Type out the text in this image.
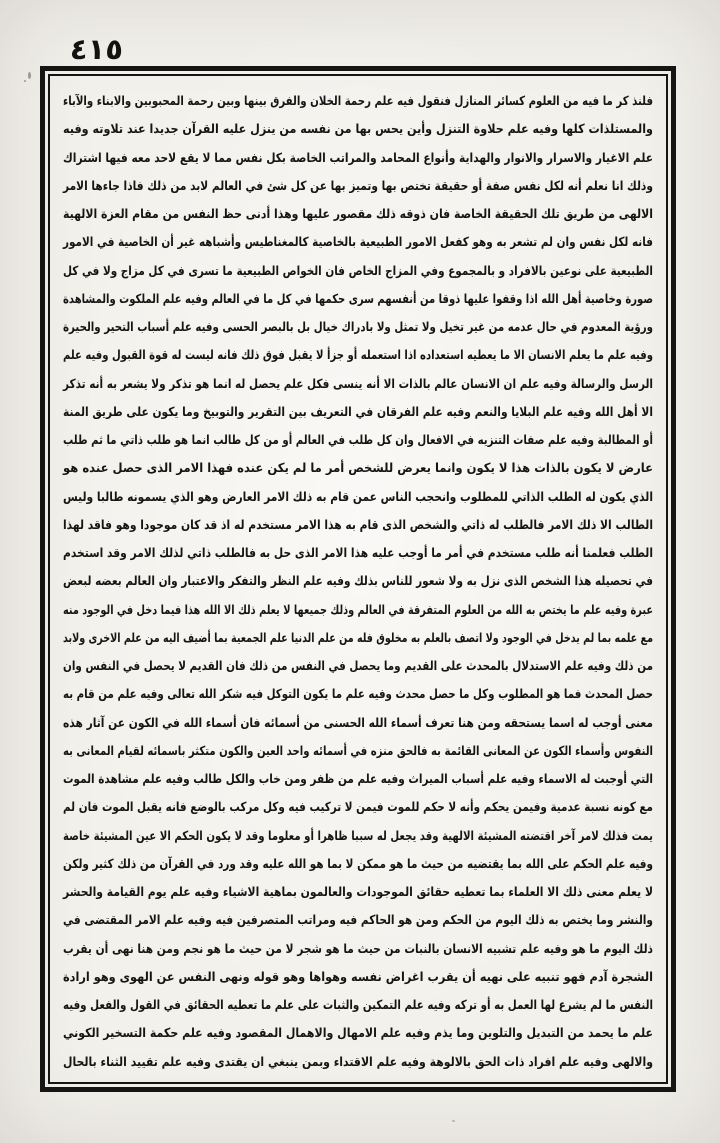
٤١٥
فلنذ كر ما فيه من العلوم كسائر المنازل فنقول فيه علم رحمة الخلان والفرق بينها وبين رحمة المحبوبين والابناء والآباء
والمستلذات كلها وفيه علم حلاوة التنزل وأين يحس بها من نفسه من ينزل عليه القرآن جديدا عند تلاوته وفيه
علم الاغيار والاسرار والانوار والهداية وأنواع المحامد والمراتب الخاصة بكل نفس مما لا يقع لاحد معه فيها اشتراك
وذلك انا نعلم أنه لكل نفس صفة أو حقيقة تختص بها وتميز بها عن كل شئ في العالم لابد من ذلك فاذا جاءها الامر
الالهى من طريق تلك الحقيقة الخاصة فان ذوقه ذلك مقصور عليها وهذا أدنى حظ النفس من مقام العزة الالهية
فانه لكل نفس وان لم تشعر به وهو كفعل الامور الطبيعية بالخاصية كالمغناطيس وأشباهه غير أن الخاصية في الامور
الطبيعية على نوعين بالافراد و بالمجموع وفي المزاج الخاص فان الخواص الطبيعية ما تسرى في كل مزاج ولا في كل
صورة وخاصية أهل الله اذا وقفوا عليها ذوقا من أنفسهم سرى حكمها في كل ما في العالم وفيه علم الملكوت والمشاهدة
ورؤية المعدوم في حال عدمه من غير تخيل ولا تمثل ولا بادراك خيال بل بالبصر الحسى وفيه علم أسباب التحير والحيرة
وفيه علم ما يعلم الانسان الا ما يعطيه استعداده اذا استعمله أو جزأ لا يقبل فوق ذلك فانه ليست له قوة القبول وفيه علم
الرسل والرسالة وفيه علم ان الانسان عالم بالذات الا أنه ينسى فكل علم يحصل له انما هو تذكر ولا يشعر به أنه تذكر
الا أهل الله وفيه علم البلايا والنعم وفيه علم الفرقان في التعريف بين التقرير والتوبيخ وما يكون على طريق المنة
أو المطالبة وفيه علم صفات التنزيه في الافعال وان كل طلب في العالم أو من كل طالب انما هو طلب ذاتي ما ثم طلب
عارض لا يكون بالذات هذا لا يكون وانما يعرض للشخص أمر ما لم يكن عنده فهذا الامر الذى حصل عنده هو
الذي يكون له الطلب الذاتي للمطلوب وانحجب الناس عمن قام به ذلك الامر العارض وهو الذي يسمونه طالبا وليس
الطالب الا ذلك الامر فالطلب له ذاتي والشخص الذى قام به هذا الامر مستخدم له اذ قد كان موجودا وهو فاقد لهذا
الطلب فعلمنا أنه طلب مستخدم في أمر ما أوجب عليه هذا الامر الذى حل به فالطلب ذاتي لذلك الامر وقد استخدم
في تحصيله هذا الشخص الذى نزل به ولا شعور للناس بذلك وفيه علم النظر والتفكر والاعتبار وان العالم بعضه لبعض
عبرة وفيه علم ما يختص به الله من العلوم المتفرقة في العالم وذلك جميعها لا يعلم ذلك الا الله هذا فيما دخل في الوجود منه
مع علمه بما لم يدخل في الوجود ولا اتصف بالعلم به مخلوق فله من علم الدنيا علم الجمعية بما أضيف اليه من علم الاخرى ولابد
من ذلك وفيه علم الاستدلال بالمحدث على القديم وما يحصل في النفس من ذلك فان القديم لا يحصل في النفس وان
حصل المحدث فما هو المطلوب وكل ما حصل محدث وفيه علم ما يكون التوكل فيه شكر الله تعالى وفيه علم من قام به
معنى أوجب له اسما يستحقه ومن هنا تعرف أسماء الله الحسنى من أسمائه فان أسماء الله في الكون عن آثار هذه
النفوس وأسماء الكون عن المعانى القائمة به فالحق منزه في أسمائه واحد العين والكون متكثر باسمائه لقيام المعانى به
التي أوجبت له الاسماء وفيه علم أسباب الميراث وفيه علم من ظفر ومن خاب والكل طالب وفيه علم مشاهدة الموت
مع كونه نسبة عدمية وفيمن يحكم وأنه لا حكم للموت فيمن لا تركيب فيه وكل مركب بالوضع فانه يقبل الموت فان لم
يمت فذلك لامر آخر اقتضته المشيئة الالهية وقد يجعل له سببا ظاهرا أو معلوما وقد لا يكون الحكم الا عين المشيئة خاصة
وفيه علم الحكم على الله بما يقتضيه من حيث ما هو ممكن لا بما هو الله عليه وقد ورد في القرآن من ذلك كثير ولكن
لا يعلم معنى ذلك الا العلماء بما تعطيه حقائق الموجودات والعالمون بماهية الاشياء وفيه علم يوم القيامة والحشر
والنشر وما يختص به ذلك اليوم من الحكم ومن هو الحاكم فيه ومراتب المتصرفين فيه وفيه علم الامر المقتضى في
ذلك اليوم ما هو وفيه علم تشبيه الانسان بالنبات من حيث ما هو شجر لا من حيث ما هو نجم ومن هنا نهى أن يقرب
الشجرة آدم فهو تنبيه على نهيه أن يقرب اغراض نفسه وهواها وهو قوله ونهى النفس عن الهوى وهو ارادة
النفس ما لم يشرع لها العمل به أو تركه وفيه علم التمكين والثبات على علم ما تعطيه الحقائق في القول والفعل وفيه
علم ما يحمد من التبديل والتلوين وما يذم وفيه علم الامهال والاهمال المقصود وفيه علم حكمة التسخير الكوني
والالهى وفيه علم افراد ذات الحق بالالوهة وفيه علم الاقتداء وبمن ينبغي ان يقتدى وفيه علم تقييد الثناء بالحال
